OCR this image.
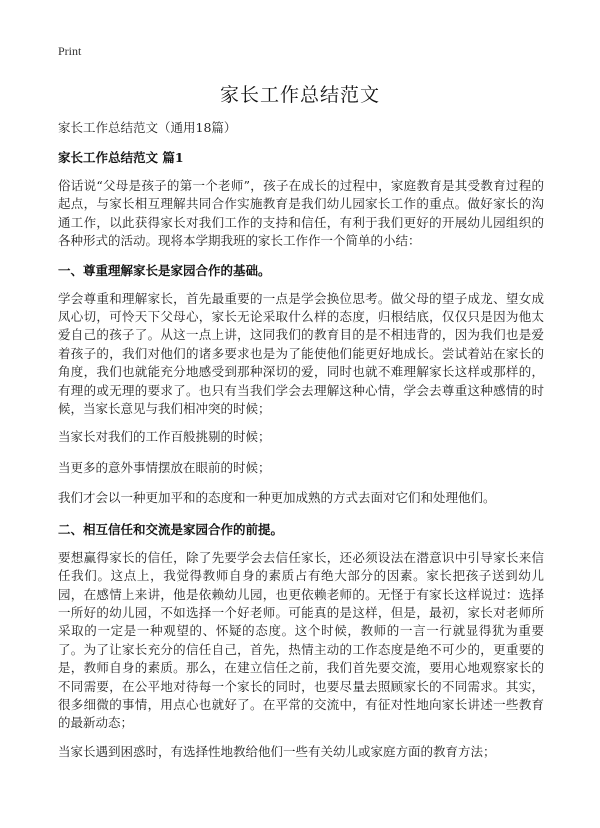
Print
家长工作总结范文

家长工作总结范文（通用18篇）

家长工作总结范文 篇1

俗话说“父母是孩子的第一个老师”，孩子在成长的过程中，家庭教育是其受教育过程的起点，与家长相互理解共同合作实施教育是我们幼儿园家长工作的重点。做好家长的沟通工作，以此获得家长对我们工作的支持和信任，有利于我们更好的开展幼儿园组织的各种形式的活动。现将本学期我班的家长工作作一个简单的小结：

一、尊重理解家长是家园合作的基础。

学会尊重和理解家长，首先最重要的一点是学会换位思考。做父母的望子成龙、望女成凤心切，可怜天下父母心，家长无论采取什么样的态度，归根结底，仅仅只是因为他太爱自己的孩子了。从这一点上讲，这同我们的教育目的是不相违背的，因为我们也是爱着孩子的，我们对他们的诸多要求也是为了能使他们能更好地成长。尝试着站在家长的角度，我们也就能充分地感受到那种深切的爱，同时也就不难理解家长这样或那样的，有理的或无理的要求了。也只有当我们学会去理解这种心情，学会去尊重这种感情的时候，当家长意见与我们相冲突的时候；

当家长对我们的工作百般挑剔的时候；

当更多的意外事情摆放在眼前的时候；

我们才会以一种更加平和的态度和一种更加成熟的方式去面对它们和处理他们。

二、相互信任和交流是家园合作的前提。

要想赢得家长的信任，除了先要学会去信任家长，还必须设法在潜意识中引导家长来信任我们。这点上，我觉得教师自身的素质占有绝大部分的因素。家长把孩子送到幼儿园，在感情上来讲，他是依赖幼儿园，也更依赖老师的。无怪于有家长这样说过：选择一所好的幼儿园，不如选择一个好老师。可能真的是这样，但是，最初，家长对老师所采取的一定是一种观望的、怀疑的态度。这个时候，教师的一言一行就显得犹为重要了。为了让家长充分的信任自己，首先，热情主动的工作态度是绝不可少的，更重要的是，教师自身的素质。那么，在建立信任之前，我们首先要交流，要用心地观察家长的不同需要，在公平地对待每一个家长的同时，也要尽量去照顾家长的不同需求。其实，很多细微的事情，用点心也就好了。在平常的交流中，有征对性地向家长讲述一些教育的最新动态；

当家长遇到困惑时，有选择性地教给他们一些有关幼儿或家庭方面的教育方法；
